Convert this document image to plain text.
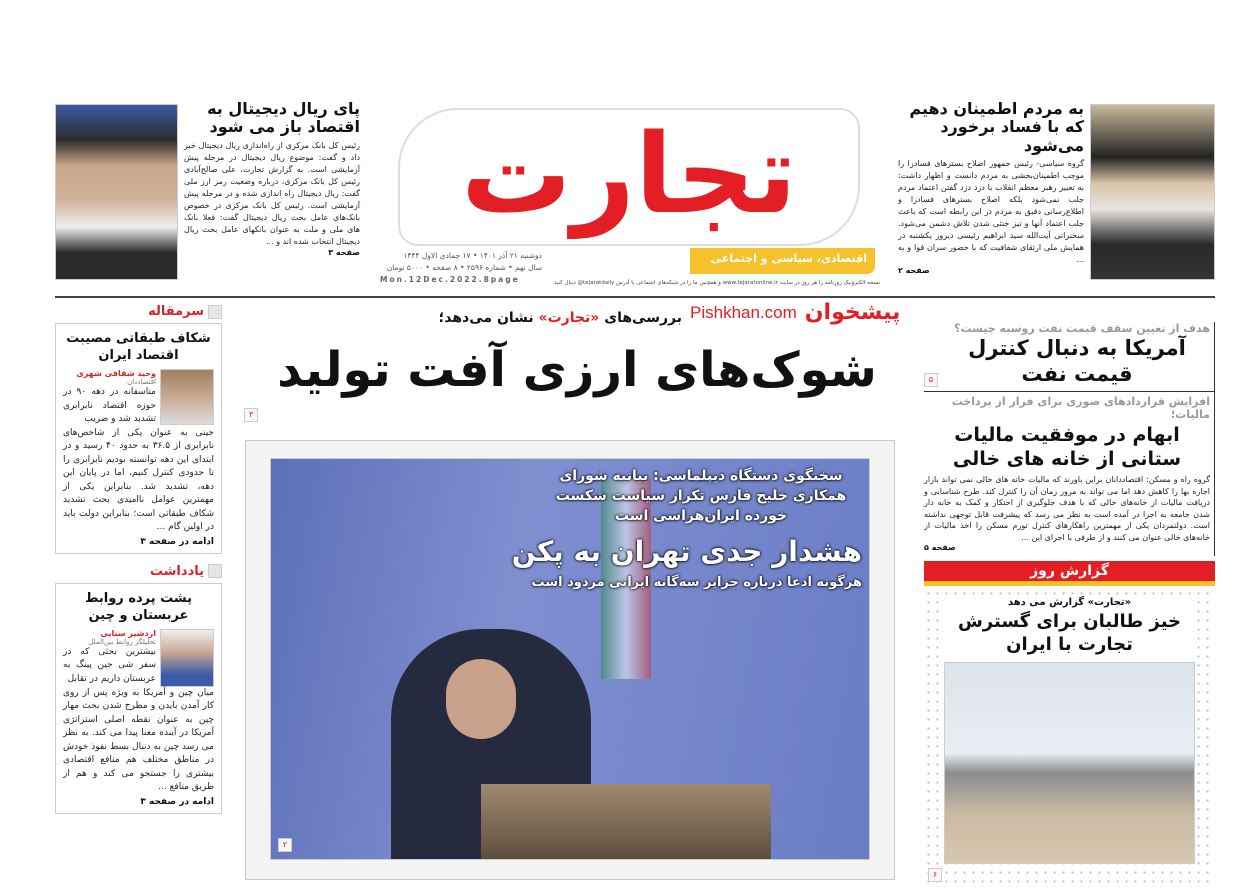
به مردم اطمینان دهیم که با فساد برخورد می‌شود
گروه سیاسی- رئیس جمهور اصلاح بسترهای فسادزا را موجب اطمینان‌بخشی به مردم دانست و اظهار داشت: به تعبیر رهبر معظم انقلاب با دزد دزد گفتن اعتماد مردم جلب نمی‌شود بلکه اصلاح بسترهای فسادزا و اطلاع‌رسانی دقیق به مردم در این رابطه است که باعث جلب اعتماد آنها و تیز خنثی شدن تلاش دشمن می‌شود. سخنرانی آیت‌الله سید ابراهیم رئیسی دیروز یکشنبه در همایش ملی ارتقای شفافیت که با حضور سران قوا و به ...
صفحه ۲
پای ریال دیجیتال به اقتصاد باز می شود
رئیس کل بانک مرکزی از راه‌اندازی ریال دیجیتال خبر داد و گفت: موضوع ریال دیجیتال در مرحله پیش آزمایشی است. به گزارش تجارت، علی صالح‌آبادی رئیس کل بانک مرکزی، درباره وضعیت رمز ارز ملی گفت: ریال دیجیتال راه اندازی شده و در مرحله پیش آزمایشی است. رئیس کل بانک مرکزی در خصوص بانک‌های عامل بحث ریال دیجیتال گفت: فعلا بانک های ملی و ملت به عنوان بانکهای عامل بحث ریال دیجیتال انتخاب شده اند و ...
صفحه ۳
تجارت
اقتصادی، سیاسی و اجتماعی
دوشنبه ۲۱ آذر ۱۴۰۱ • ۱۷ جمادی الاول ۱۴۴۴
سال نهم • شماره ۲۵۹۶ • ۸ صفحه • ۵۰۰۰ تومان
Mon.12Dec.2022.8page	نسخه الکترونیک روزنامه را هر روز در سایت www.tejaratonline.ir و همچنین ما را در شبکه‌های اجتماعی با آدرس tejaratdaily@ دنبال کنید
Pishkhan.com پیشخوان
بررسی‌های «تجارت» نشان می‌دهد؛
شوک‌های ارزی آفت تولید
۳
سخنگوی دستگاه دیپلماسی: بیانیه شورای همکاری خلیج فارس تکرار سیاست شکست خورده ایران‌هراسی است
هشدار جدی تهران به پکن
هرگونه ادعا درباره جزایر سه‌گانه ایرانی مردود است
۲
سرمقاله
شکاف طبقاتی مصیبت اقتصاد ایران
وحید شقاقی شهری
اقتصاددان
متاسفانه در دهه ۹۰ در حوزه اقتصاد نابرابری تشدید شد و ضریب
جینی به عنوان یکی از شاخص‌های نابرابری از ۳۶.۵ به حدود ۴۰ رسید و در ابتدای این دهه توانسته بودیم نابرابری را تا حدودی کنترل کنیم، اما در پایان این دهه، تشدید شد. بنابراین یکی از مهمترین عوامل ناامیدی بحث تشدید شکاف طبقاتی است؛ بنابراین دولت باید در اولین گام ...
ادامه در صفحه ۳
یادداشت
پشت پرده روابط عربستان و چین
اردشیر سنایی
تحلیلگر روابط بین‌الملل
بیشترین بحثی که در سفر شی جین پینگ به عربستان داریم در تقابل
میان چین و آمریکا به ویژه پس از روی کار آمدن بایدن و مطرح شدن بحث مهار چین به عنوان نقطه اصلی استراتژی آمریکا در آینده معنا پیدا می کند. به نظر می رسد چین به دنبال بسط نفوذ خودش در مناطق مختلف هم منافع اقتصادی بیشتری را جستجو می کند و هم از طریق منافع ...
ادامه در صفحه ۳
هدف از تعیین سقف قیمت نفت روسیه چیست؟
آمریکا به دنبال کنترل قیمت نفت
۵
افزایش قراردادهای صوری برای فرار از پرداخت مالیات؛
ابهام در موفقیت مالیات ستانی از خانه های خالی
گروه راه و مسکن: اقتصاددانان براین باورند که مالیات خانه های خالی نمی تواند بازار اجاره بها را کاهش دهد اما می تواند به مرور زمان آن را کنترل کند. طرح شناسایی و دریافت مالیات از خانه‌های خالی که با هدف جلوگیری از احتکار و کمک به خانه دار شدن جامعه به اجرا در آمده است به نظر می رسد که پیشرفت قابل توجهی نداشته است. دولتمردان یکی از مهمترین راهکارهای کنترل تورم مسکن را اخذ مالیات از خانه‌های خالی عنوان می کنند و از طرفی با اجرای این ...
صفحه ۵
گزارش روز
«تجارت» گزارش می دهد
خیز طالبان برای گسترش تجارت با ایران
۶
